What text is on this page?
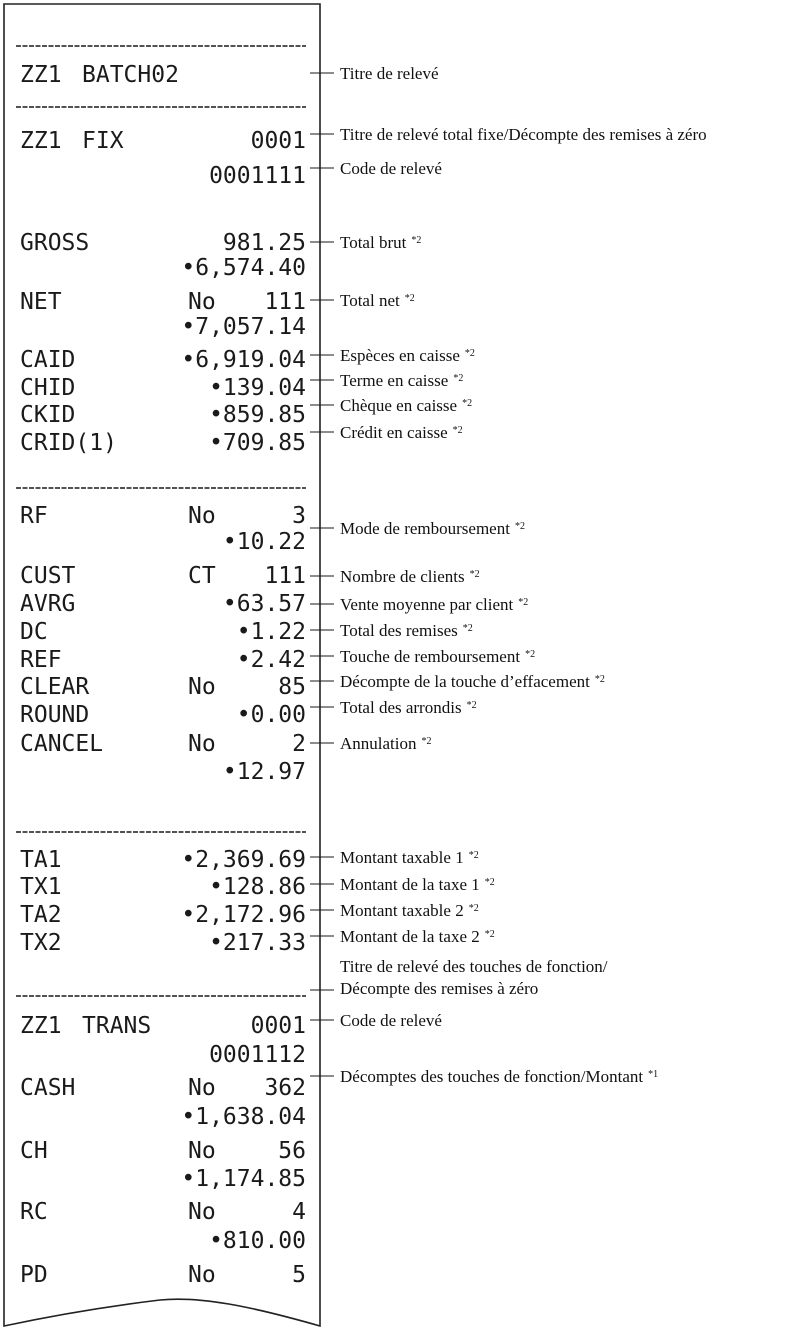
ZZ1 BATCH02
ZZ1 FIX	0001
0001111
GROSS	981.25
•6,574.40
NET	No 111
•7,057.14
CAID	•6,919.04
CHID	•139.04
CKID	•859.85
CRID(1)	•709.85
RF	No	3
•10.22
CUST	CT 111
AVRG	•63.57
DC	•1.22
REF	•2.42
CLEAR	No	85
ROUND	•0.00
CANCEL	No	2
•12.97
TA1	•2,369.69
TX1	•128.86
TA2	•2,172.96
TX2	•217.33
ZZ1 TRANS	0001
0001112
CASH	No 362
•1,638.04
CH	No	56
•1,174.85
RC	No	4
•810.00
PD	No	5
Titre de relevé
Titre de relevé total fixe/Décompte des remises à zéro
Code de relevé
Total brut $^{*2}$
Total net $^{*2}$
Espèces en caisse $^{*2}$
Terme en caisse $^{*2}$
Chèque en caisse $^{*2}$
Crédit en caisse $^{*2}$
Mode de remboursement $^{*2}$
Nombre de clients $^{*2}$
Vente moyenne par client $^{*2}$
Total des remises $^{*2}$
Touche de remboursement $^{*2}$
Décompte de la touche d’effacement $^{*2}$
Total des arrondis $^{*2}$
Annulation $^{*2}$
Montant taxable 1 $^{*2}$
Montant de la taxe 1 $^{*2}$
Montant taxable 2 $^{*2}$
Montant de la taxe 2 $^{*2}$
Titre de relevé des touches de fonction/
Décompte des remises à zéro
Code de relevé
Décomptes des touches de fonction/Montant $^{*1}$
